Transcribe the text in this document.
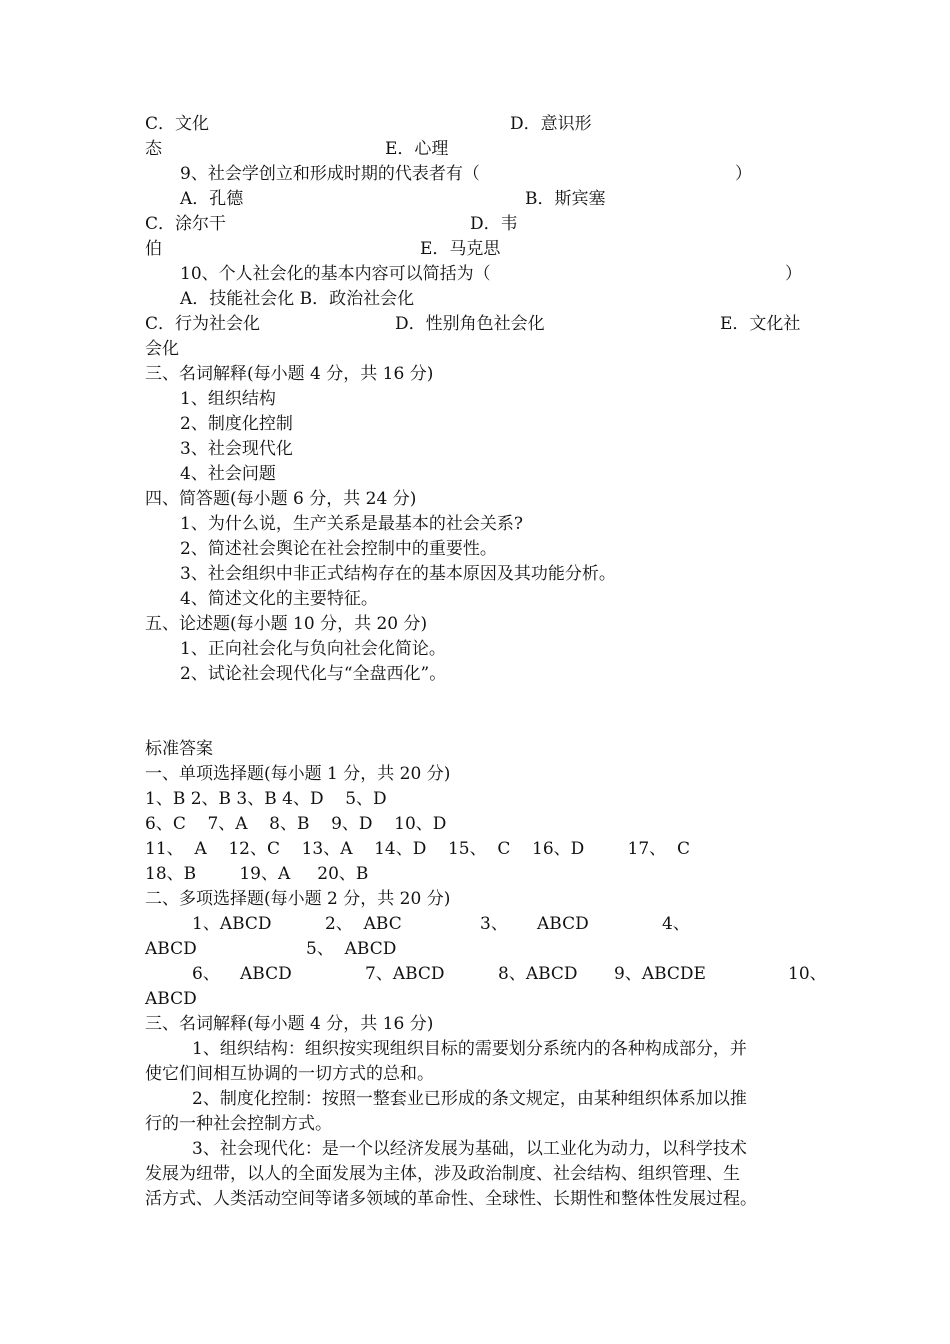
C．文化	D．意识形
态	E．心理
9、社会学创立和形成时期的代表者有（	）
A．孔德	B．斯宾塞
C．涂尔干	D．韦
伯	E．马克思
10、个人社会化的基本内容可以简括为（	）
A．技能社会化 B．政治社会化
C．行为社会化	D．性别角色社会化	E．文化社
会化
三、名词解释(每小题 4 分，共 16 分)
1、组织结构
2、制度化控制
3、社会现代化
4、社会问题
四、简答题(每小题 6 分，共 24 分)
1、为什么说，生产关系是最基本的社会关系?
2、简述社会舆论在社会控制中的重要性。
3、社会组织中非正式结构存在的基本原因及其功能分析。
4、简述文化的主要特征。
五、论述题(每小题 10 分，共 20 分)
1、正向社会化与负向社会化简论。
2、试论社会现代化与“全盘西化”。
标准答案
一、单项选择题(每小题 1 分，共 20 分)
1、B 2、B 3、B 4、D    5、D
6、C    7、A    8、B    9、D    10、D
11、  A    12、C    13、A    14、D    15、  C    16、D        17、  C
18、B        19、A     20、B
二、多项选择题(每小题 2 分，共 20 分)
1、ABCD	2、  ABC	3、 ABCD	4、
ABCD	5、  ABCD
6、 ABCD	7、ABCD	8、ABCD 9、ABCDE	10、
ABCD
三、名词解释(每小题 4 分，共 16 分)
1、组织结构：组织按实现组织目标的需要划分系统内的各种构成部分，并
使它们间相互协调的一切方式的总和。
2、制度化控制：按照一整套业已形成的条文规定，由某种组织体系加以推
行的一种社会控制方式。
3、社会现代化：是一个以经济发展为基础，以工业化为动力，以科学技术
发展为纽带，以人的全面发展为主体，涉及政治制度、社会结构、组织管理、生
活方式、人类活动空间等诸多领域的革命性、全球性、长期性和整体性发展过程。
